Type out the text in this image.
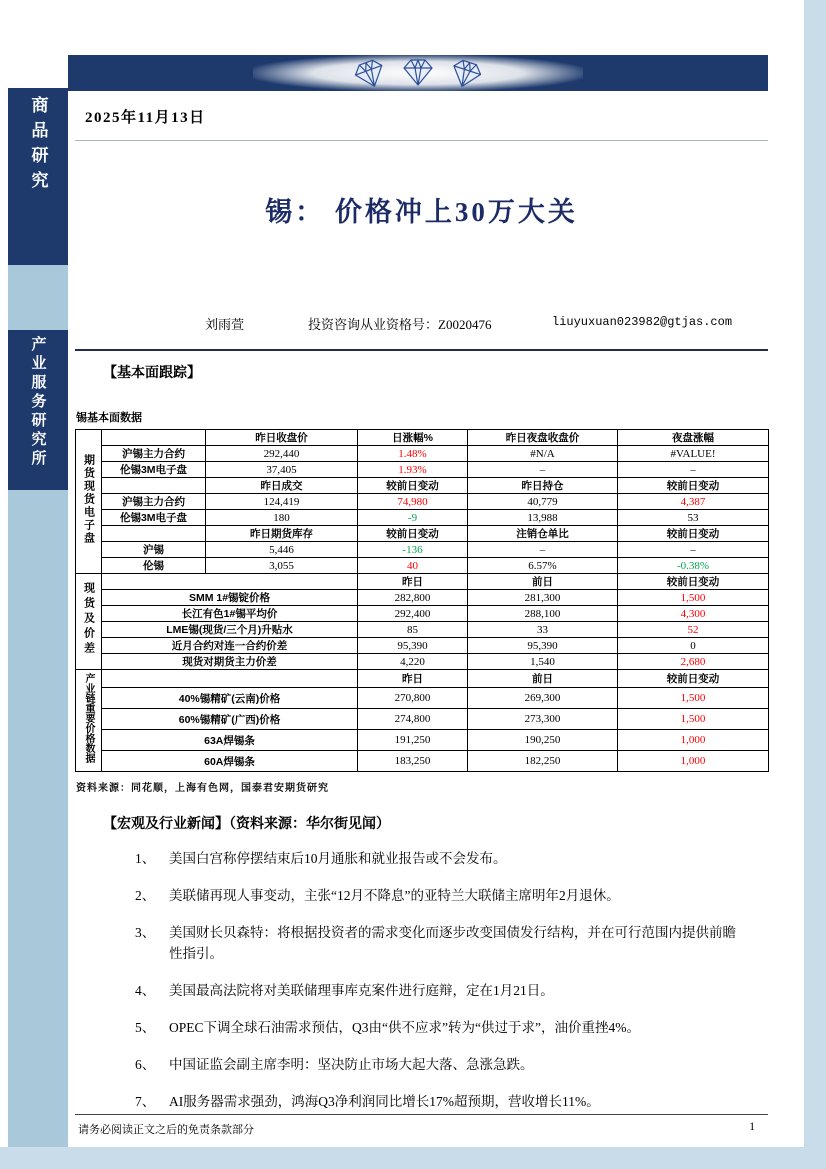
商品研究
产业服务研究所
2025年11月13日
锡： 价格冲上30万大关
刘雨萱	投资咨询从业资格号：Z0020476	liuyuxuan023982@gtjas.com
【基本面跟踪】
锡基本面数据
期货现货电子盘		昨日收盘价	日涨幅%	昨日夜盘收盘价	夜盘涨幅
	沪锡主力合约	292,440	1.48%	#N/A	#VALUE!
	伦锡3M电子盘	37,405	1.93%	–	–
		昨日成交	较前日变动	昨日持仓	较前日变动
	沪锡主力合约	124,419	74,980	40,779	4,387
	伦锡3M电子盘	180	-9	13,988	53
		昨日期货库存	较前日变动	注销仓单比	较前日变动
	沪锡	5,446	-136	–	–
	伦锡	3,055	40	6.57%	-0.38%
现货及价差			昨日	前日	较前日变动
	SMM 1#锡锭价格		282,800	281,300	1,500
	长江有色1#锡平均价		292,400	288,100	4,300
	LME锡(现货/三个月)升贴水		85	33	52
	近月合约对连一合约价差		95,390	95,390	0
	现货对期货主力价差		4,220	1,540	2,680
产业链重要价格数据			昨日	前日	较前日变动
	40%锡精矿(云南)价格		270,800	269,300	1,500
	60%锡精矿(广西)价格		274,800	273,300	1,500
	63A焊锡条		191,250	190,250	1,000
	60A焊锡条		183,250	182,250	1,000
资料来源：同花顺，上海有色网，国泰君安期货研究
【宏观及行业新闻】（资料来源：华尔街见闻）
1、	美国白宫称停摆结束后10月通胀和就业报告或不会发布。
2、	美联储再现人事变动，主张“12月不降息”的亚特兰大联储主席明年2月退休。
3、	美国财长贝森特：将根据投资者的需求变化而逐步改变国债发行结构，并在可行范围内提供前瞻性指引。
4、	美国最高法院将对美联储理事库克案件进行庭辩，定在1月21日。
5、	OPEC下调全球石油需求预估，Q3由“供不应求”转为“供过于求”，油价重挫4%。
6、	中国证监会副主席李明：坚决防止市场大起大落、急涨急跌。
7、	AI服务器需求强劲，鸿海Q3净利润同比增长17%超预期，营收增长11%。
请务必阅读正文之后的免责条款部分	1
